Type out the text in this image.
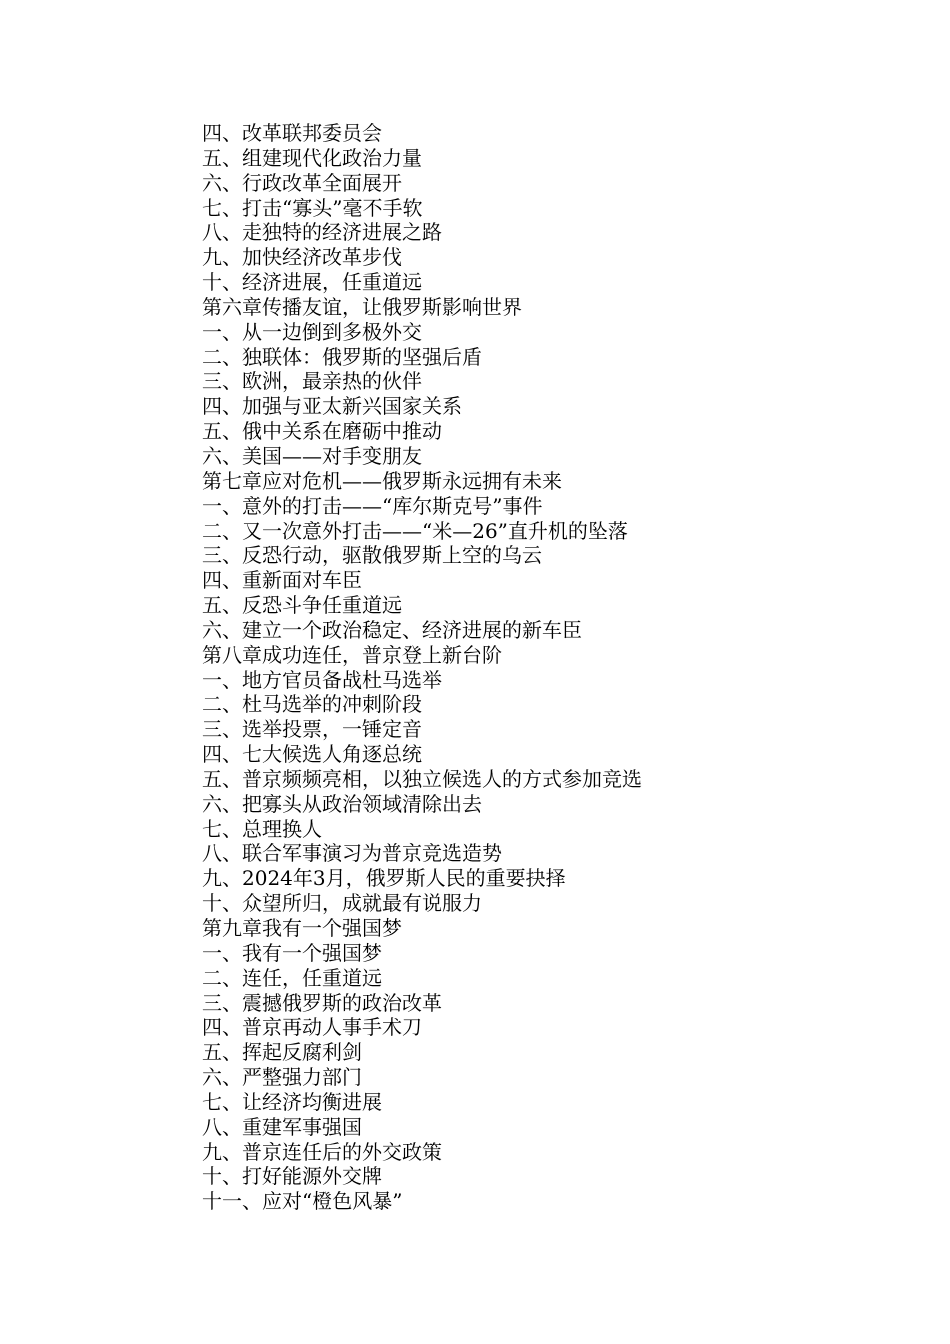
四、改革联邦委员会
五、组建现代化政治力量
六、行政改革全面展开
七、打击“寡头”毫不手软
八、走独特的经济进展之路
九、加快经济改革步伐
十、经济进展，任重道远
第六章传播友谊，让俄罗斯影响世界
一、从一边倒到多极外交
二、独联体：俄罗斯的坚强后盾
三、欧洲，最亲热的伙伴
四、加强与亚太新兴国家关系
五、俄中关系在磨砺中推动
六、美国——对手变朋友
第七章应对危机——俄罗斯永远拥有未来
一、意外的打击——“库尔斯克号”事件
二、又一次意外打击——“米—26”直升机的坠落
三、反恐行动，驱散俄罗斯上空的乌云
四、重新面对车臣
五、反恐斗争任重道远
六、建立一个政治稳定、经济进展的新车臣
第八章成功连任，普京登上新台阶
一、地方官员备战杜马选举
二、杜马选举的冲刺阶段
三、选举投票，一锤定音
四、七大候选人角逐总统
五、普京频频亮相，以独立候选人的方式参加竞选
六、把寡头从政治领域清除出去
七、总理换人
八、联合军事演习为普京竞选造势
九、2024年3月，俄罗斯人民的重要抉择
十、众望所归，成就最有说服力
第九章我有一个强国梦
一、我有一个强国梦
二、连任，任重道远
三、震撼俄罗斯的政治改革
四、普京再动人事手术刀
五、挥起反腐利剑
六、严整强力部门
七、让经济均衡进展
八、重建军事强国
九、普京连任后的外交政策
十、打好能源外交牌
十一、应对“橙色风暴”
